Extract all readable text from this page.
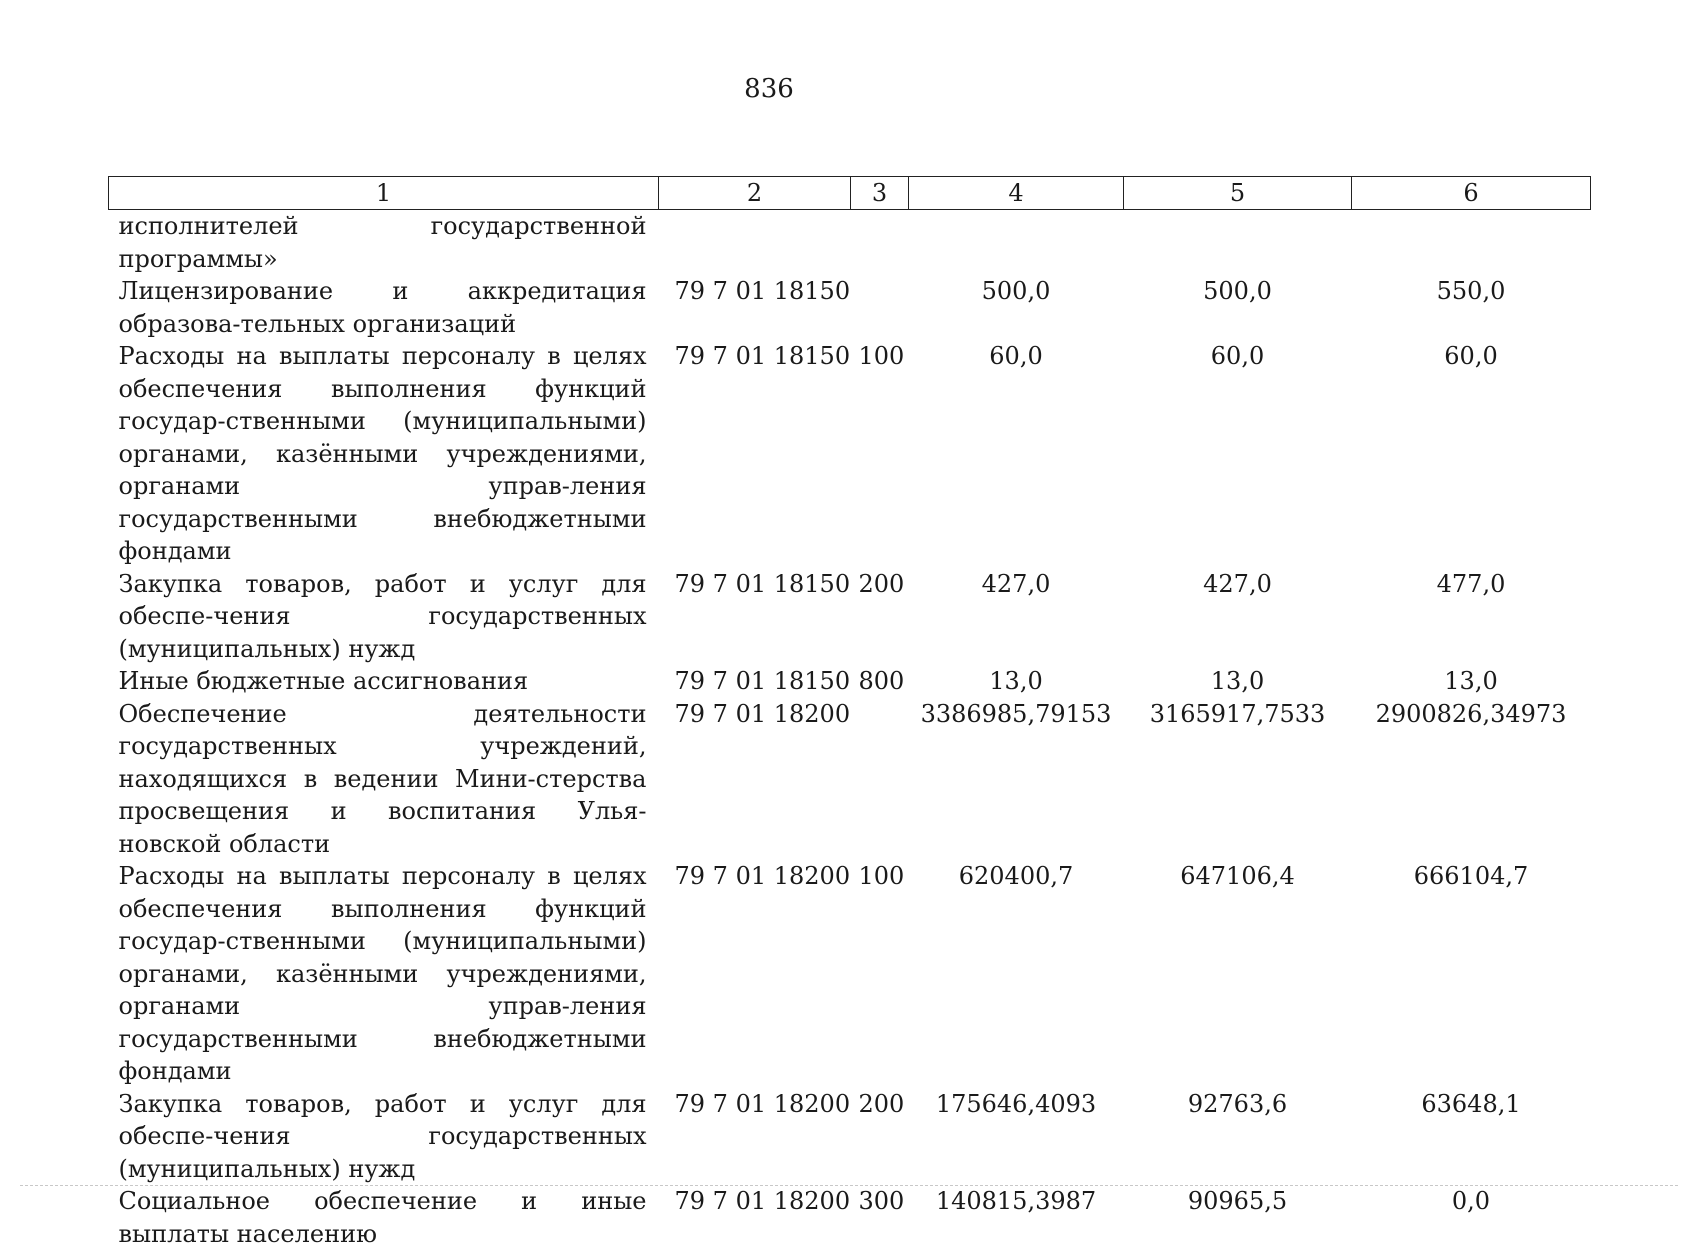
836
1	2	3	4	5	6
исполнителей государственной программы»					
Лицензирование и аккредитация образова-тельных организаций	79 7 01 18150		500,0	500,0	550,0
Расходы на выплаты персоналу в целях обеспечения выполнения функций государ-ственными (муниципальными) органами, казёнными учреждениями, органами управ-ления государственными внебюджетными фондами	79 7 01 18150	100	60,0	60,0	60,0
Закупка товаров, работ и услуг для обеспе-чения государственных (муниципальных) нужд	79 7 01 18150	200	427,0	427,0	477,0
Иные бюджетные ассигнования	79 7 01 18150	800	13,0	13,0	13,0
Обеспечение деятельности государственных учреждений, находящихся в ведении Мини-стерства просвещения и воспитания Улья-новской области	79 7 01 18200		3386985,79153	3165917,7533	2900826,34973
Расходы на выплаты персоналу в целях обеспечения выполнения функций государ-ственными (муниципальными) органами, казёнными учреждениями, органами управ-ления государственными внебюджетными фондами	79 7 01 18200	100	620400,7	647106,4	666104,7
Закупка товаров, работ и услуг для обеспе-чения государственных (муниципальных) нужд	79 7 01 18200	200	175646,4093	92763,6	63648,1
Социальное обеспечение и иные выплаты населению	79 7 01 18200	300	140815,3987	90965,5	0,0
